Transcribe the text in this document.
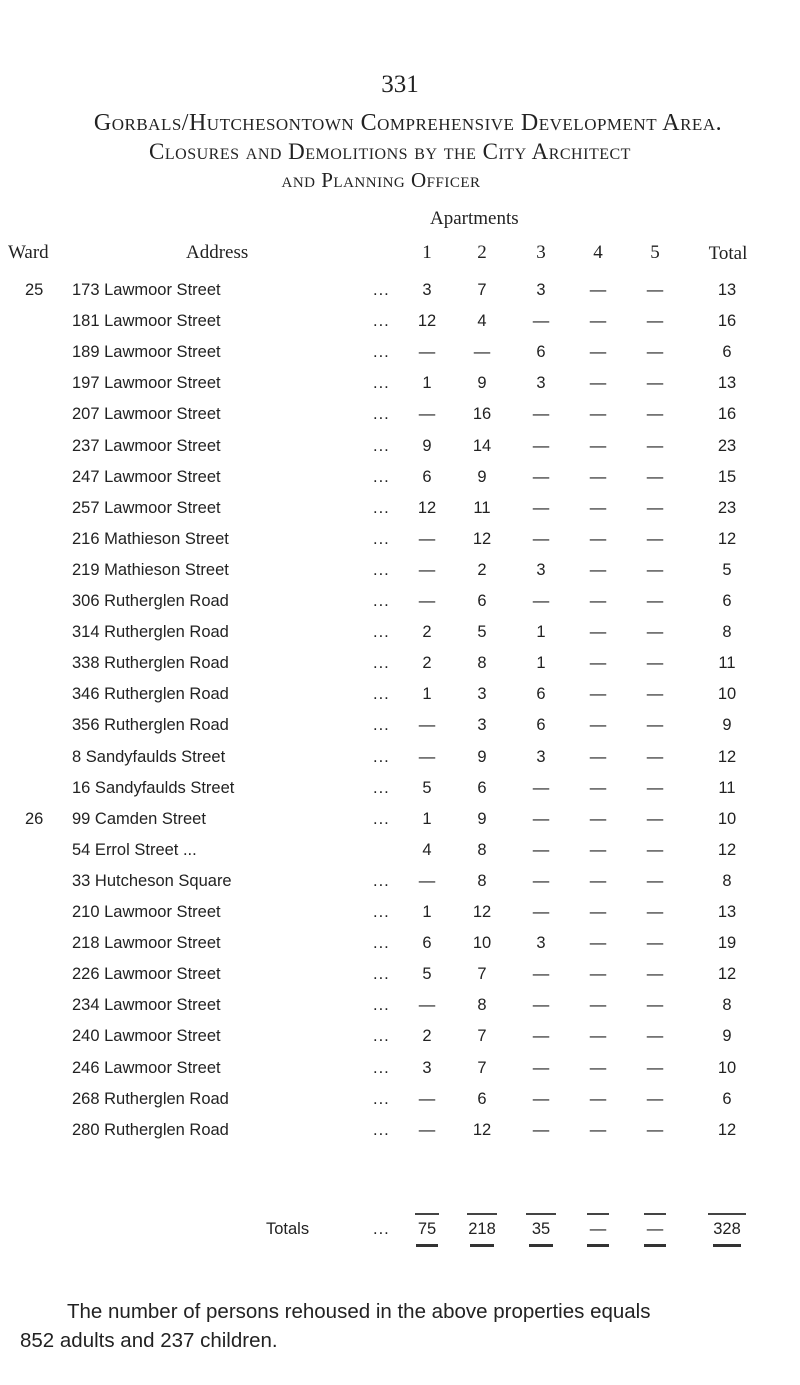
331
Gorbals/Hutchesontown Comprehensive Development Area.
Closures and Demolitions by the City Architect
and Planning Officer
Apartments
Ward	Address	1 2	3	4	5	Total
25 173 Lawmoor Street	... 3	7	3	— —	13
181 Lawmoor Street	... 12 4	— — —	16
189 Lawmoor Street	... — —	6	— —	6
197 Lawmoor Street	... 1	9	3	— —	13
207 Lawmoor Street	... — 16	— — —	16
237 Lawmoor Street	... 9 14	— — —	23
247 Lawmoor Street	... 6	9	— — —	15
257 Lawmoor Street	... 12 11	— — —	23
216 Mathieson Street	... — 12	— — —	12
219 Mathieson Street	... —	2	3	— —	5
306 Rutherglen Road	... —	6	— — —	6
314 Rutherglen Road	... 2	5	1	— —	8
338 Rutherglen Road	... 2	8	1	— —	11
346 Rutherglen Road	... 1	3	6	— —	10
356 Rutherglen Road	... —	3	6	— —	9
8 Sandyfaulds Street	... —	9	3	— —	12
16 Sandyfaulds Street	... 5	6	— — —	11
26 99 Camden Street	... 1	9	— — —	10
54 Errol Street ...	4	8	— — —	12
33 Hutcheson Square	... —	8	— — —	8
210 Lawmoor Street	... 1 12	— — —	13
218 Lawmoor Street	... 6 10	3	— —	19
226 Lawmoor Street	... 5	7	— — —	12
234 Lawmoor Street	... —	8	— — —	8
240 Lawmoor Street	... 2	7	— — —	9
246 Lawmoor Street	... 3	7	— — —	10
268 Rutherglen Road	... —	6	— — —	6
280 Rutherglen Road	... — 12	— — —	12
Totals	... 75 218 35 — —	328
The number of persons rehoused in the above properties equals
852 adults and 237 children.
